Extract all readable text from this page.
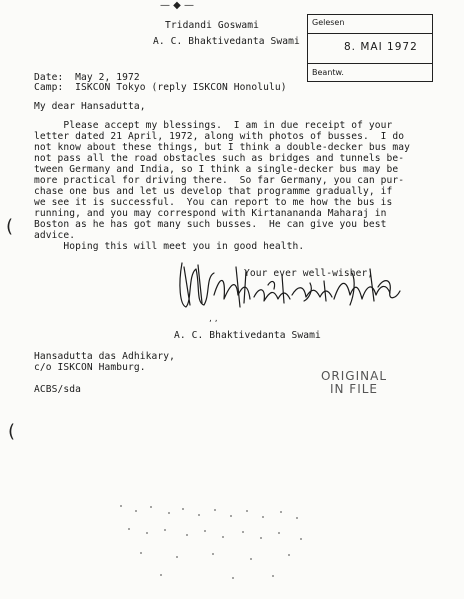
— ◆ —
Tridandi Goswami
A. C. Bhaktivedanta Swami
Gelesen
8. MAI 1972
Beantw.
Date:  May 2, 1972
Camp:  ISKCON Tokyo (reply ISKCON Honolulu)
My dear Hansadutta,
Please accept my blessings.  I am in due receipt of your
letter dated 21 April, 1972, along with photos of busses.  I do
not know about these things, but I think a double-decker bus may
not pass all the road obstacles such as bridges and tunnels be-
tween Germany and India, so I think a single-decker bus may be
more practical for driving there.  So far Germany, you can pur-
chase one bus and let us develop that programme gradually, if
we see it is successful.  You can report to me how the bus is
running, and you may correspond with Kirtanananda Maharaj in
Boston as he has got many such busses.  He can give you best
advice.
Hoping this will meet you in good health.
(
(
Your ever well-wisher,
, ,
A. C. Bhaktivedanta Swami
Hansadutta das Adhikary,
c/o ISKCON Hamburg.
ACBS/sda
ORIGINAL
IN FILE
